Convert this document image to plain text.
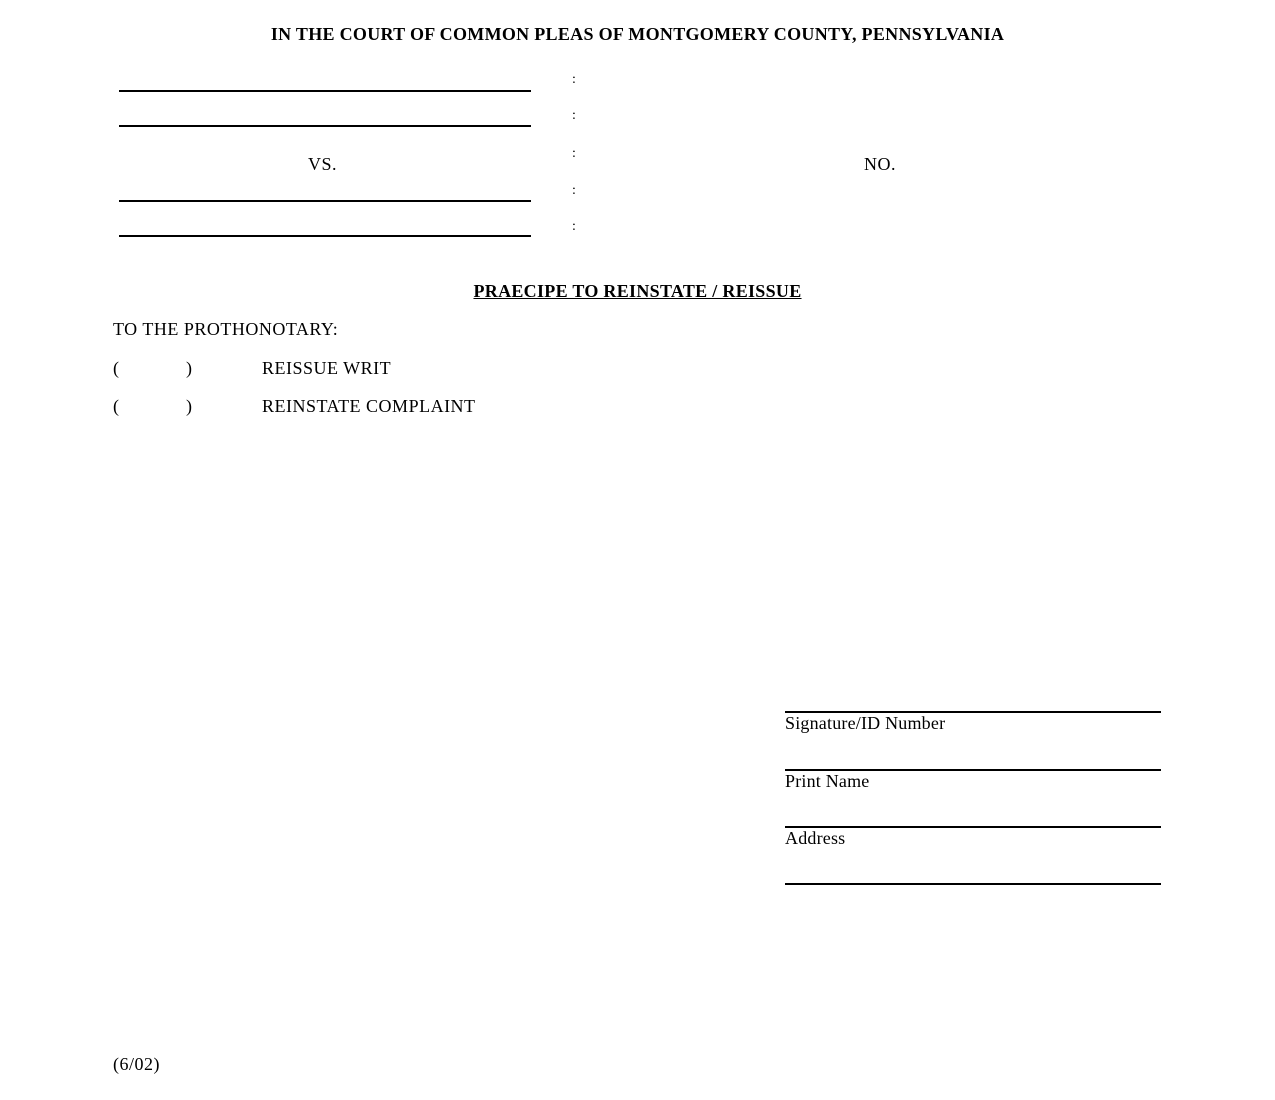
IN THE COURT OF COMMON PLEAS OF MONTGOMERY COUNTY, PENNSYLVANIA
VS.
:
:
:
:
:
NO.
PRAECIPE TO REINSTATE / REISSUE
TO THE PROTHONOTARY:
(	)	REISSUE WRIT
(	)	REINSTATE COMPLAINT
Signature/ID Number
Print Name
Address
(6/02)
